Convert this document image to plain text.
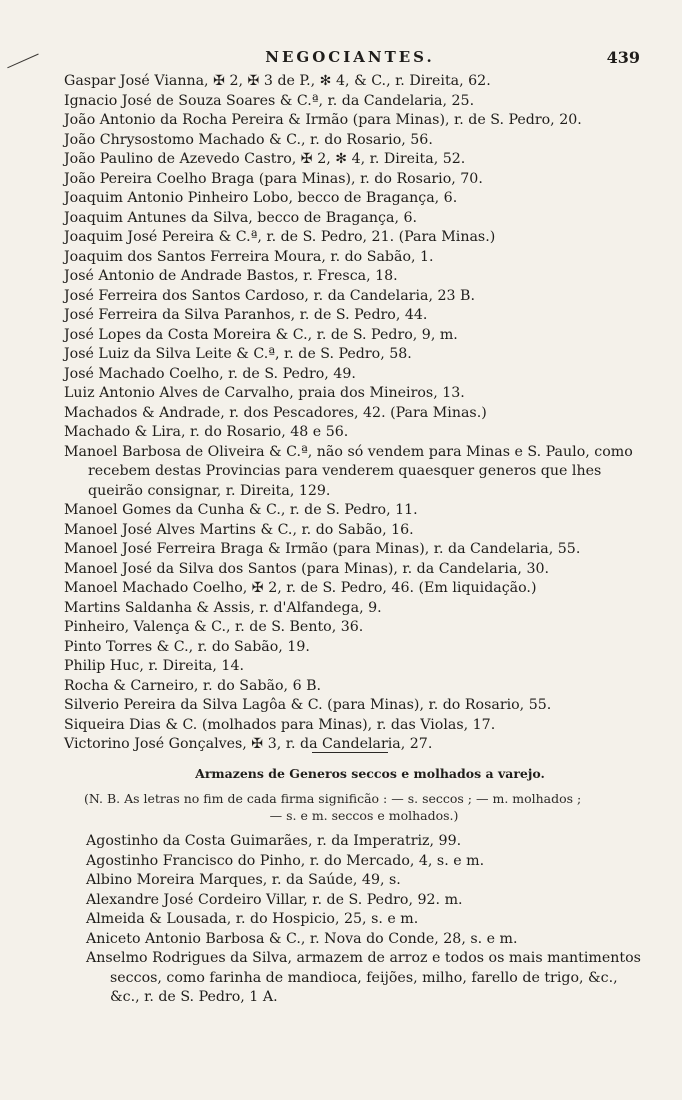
NEGOCIANTES.	439
Gaspar José Vianna, ✠ 2, ✠ 3 de P., ✻ 4, & C., r. Direita, 62.
Ignacio José de Souza Soares & C.ª, r. da Candelaria, 25.
João Antonio da Rocha Pereira & Irmão (para Minas), r. de S. Pedro, 20.
João Chrysostomo Machado & C., r. do Rosario, 56.
João Paulino de Azevedo Castro, ✠ 2, ✻ 4, r. Direita, 52.
João Pereira Coelho Braga (para Minas), r. do Rosario, 70.
Joaquim Antonio Pinheiro Lobo, becco de Bragança, 6.
Joaquim Antunes da Silva, becco de Bragança, 6.
Joaquim José Pereira & C.ª, r. de S. Pedro, 21. (Para Minas.)
Joaquim dos Santos Ferreira Moura, r. do Sabão, 1.
José Antonio de Andrade Bastos, r. Fresca, 18.
José Ferreira dos Santos Cardoso, r. da Candelaria, 23 B.
José Ferreira da Silva Paranhos, r. de S. Pedro, 44.
José Lopes da Costa Moreira & C., r. de S. Pedro, 9, m.
José Luiz da Silva Leite & C.ª, r. de S. Pedro, 58.
José Machado Coelho, r. de S. Pedro, 49.
Luiz Antonio Alves de Carvalho, praia dos Mineiros, 13.
Machados & Andrade, r. dos Pescadores, 42. (Para Minas.)
Machado & Lira, r. do Rosario, 48 e 56.
Manoel Barbosa de Oliveira & C.ª, não só vendem para Minas e S. Paulo, como recebem destas Provincias para venderem quaesquer generos que lhes queirão consignar, r. Direita, 129.
Manoel Gomes da Cunha & C., r. de S. Pedro, 11.
Manoel José Alves Martins & C., r. do Sabão, 16.
Manoel José Ferreira Braga & Irmão (para Minas), r. da Candelaria, 55.
Manoel José da Silva dos Santos (para Minas), r. da Candelaria, 30.
Manoel Machado Coelho, ✠ 2, r. de S. Pedro, 46. (Em liquidação.)
Martins Saldanha & Assis, r. d'Alfandega, 9.
Pinheiro, Valença & C., r. de S. Bento, 36.
Pinto Torres & C., r. do Sabão, 19.
Philip Huc, r. Direita, 14.
Rocha & Carneiro, r. do Sabão, 6 B.
Silverio Pereira da Silva Lagôa & C. (para Minas), r. do Rosario, 55.
Siqueira Dias & C. (molhados para Minas), r. das Violas, 17.
Victorino José Gonçalves, ✠ 3, r. da Candelaria, 27.
Armazens de Generos seccos e molhados a varejo.
(N. B. As letras no fim de cada firma significão : — s. seccos ; — m. molhados ;
— s. e m. seccos e molhados.)
Agostinho da Costa Guimarães, r. da Imperatriz, 99.
Agostinho Francisco do Pinho, r. do Mercado, 4, s. e m.
Albino Moreira Marques, r. da Saúde, 49, s.
Alexandre José Cordeiro Villar, r. de S. Pedro, 92. m.
Almeida & Lousada, r. do Hospicio, 25, s. e m.
Aniceto Antonio Barbosa & C., r. Nova do Conde, 28, s. e m.
Anselmo Rodrigues da Silva, armazem de arroz e todos os mais mantimentos seccos, como farinha de mandioca, feijões, milho, farello de trigo, &c., &c., r. de S. Pedro, 1 A.
